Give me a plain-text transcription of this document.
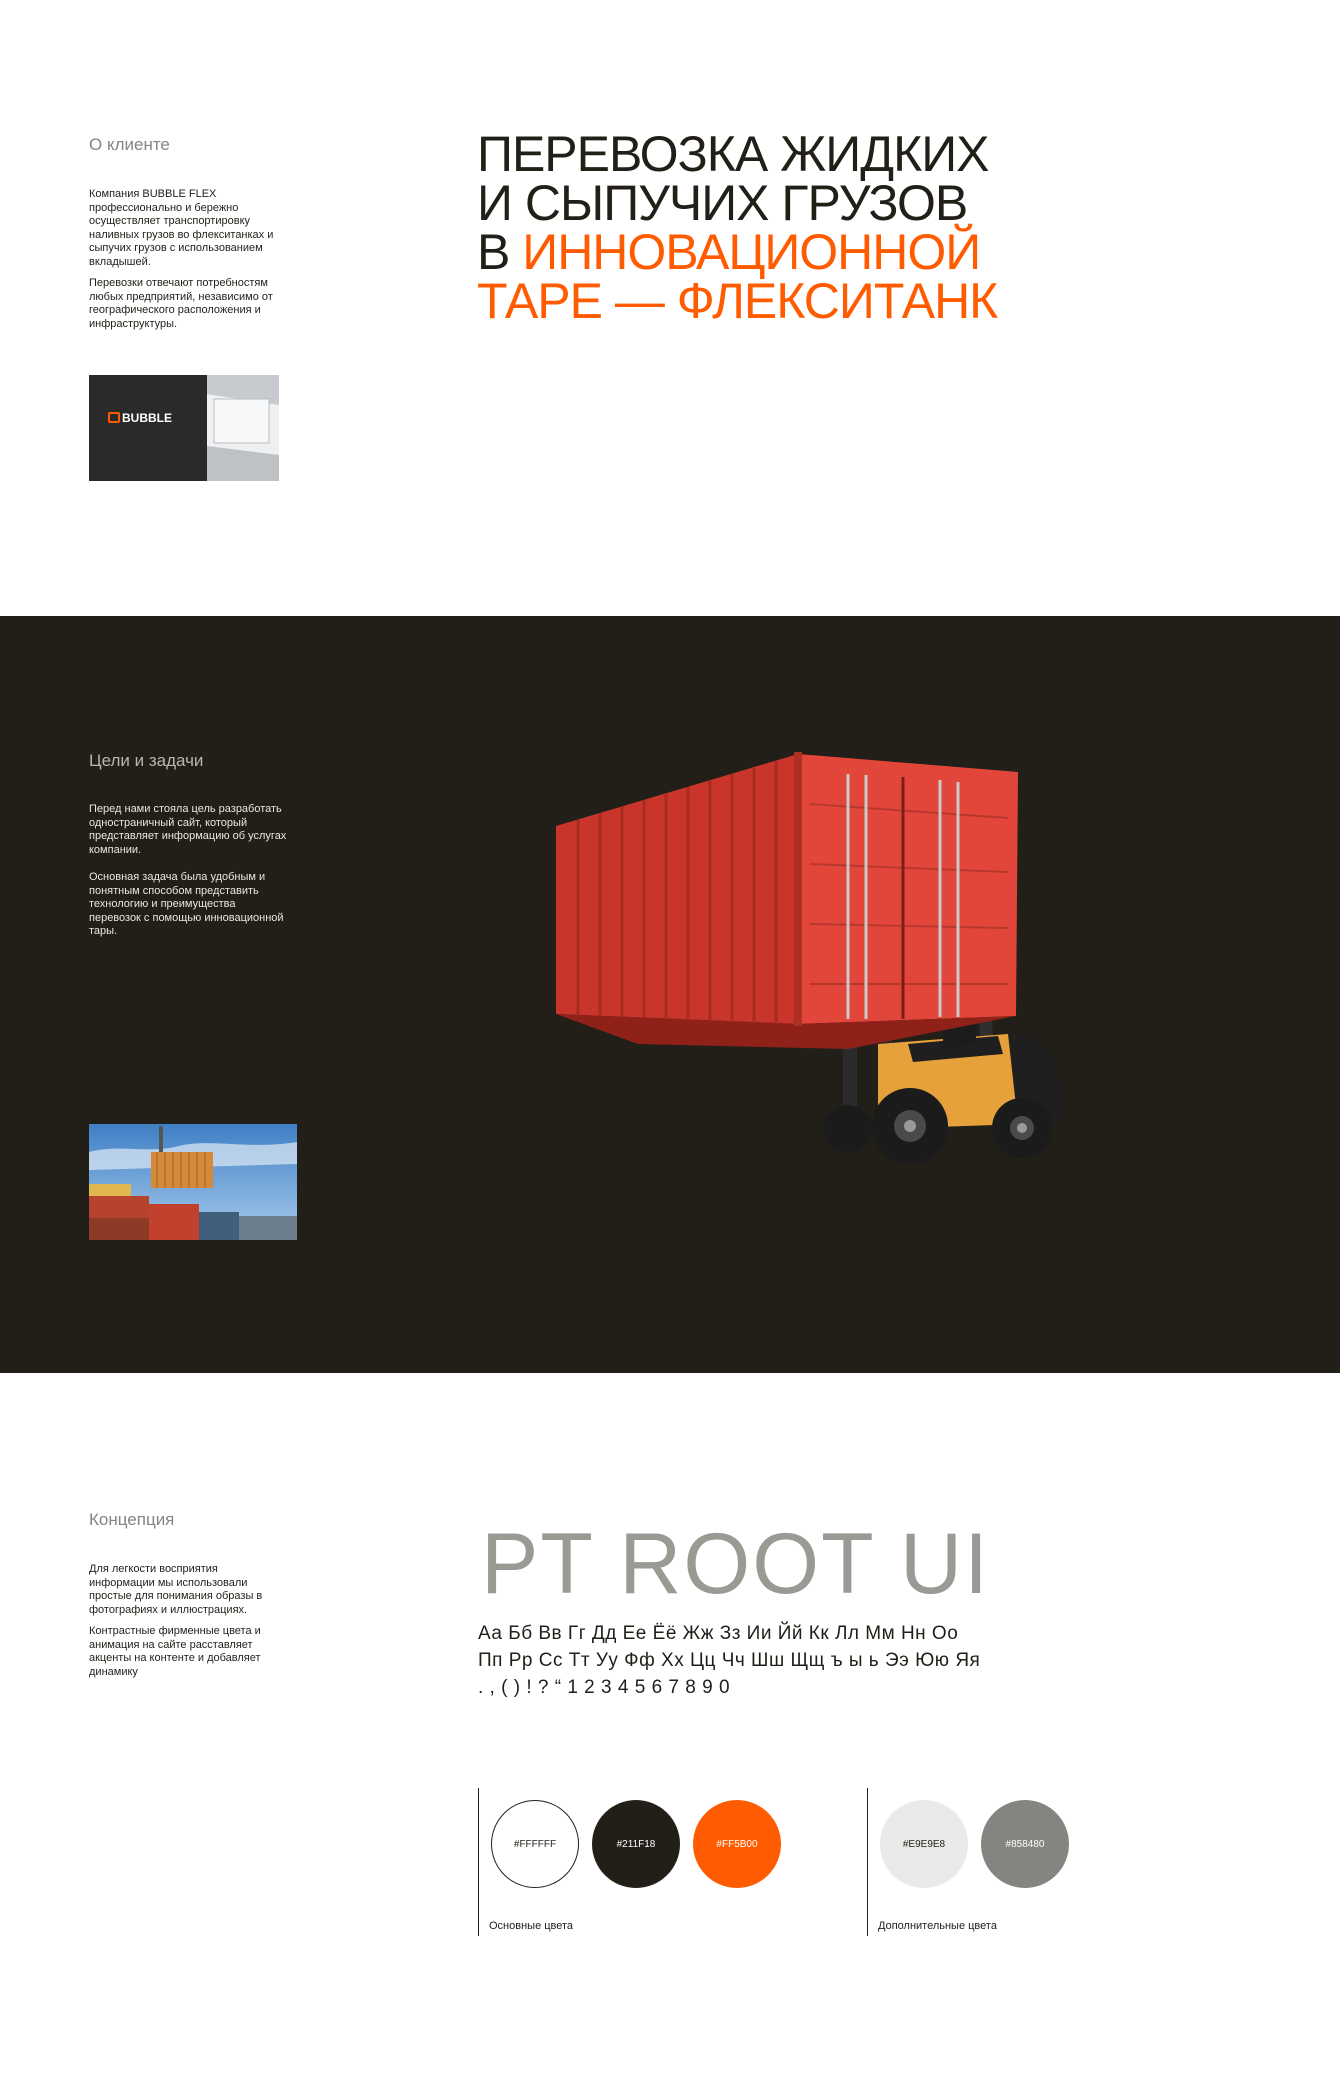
О клиенте

Компания BUBBLE FLEX профессионально и бережно осуществляет транспортировку наливных грузов во флекситанках и сыпучих грузов с использованием вкладышей.

Перевозки отвечают потребностям любых предприятий, независимо от географического расположения и инфраструктуры.

BUBBLE
ПЕРЕВОЗКА ЖИДКИХ
И СЫПУЧИХ ГРУЗОВ
В ИННОВАЦИОННОЙ
ТАРЕ — ФЛЕКСИТАНК
Цели и задачи

Перед нами стояла цель разработать одностраничный сайт, который представляет информацию об услугах компании.

Основная задача была удобным и понятным способом представить технологию и преимущества перевозок с помощью инновационной тары.

Концепция

Для легкости восприятия информации мы использовали простые для понимания образы в фотографиях и иллюстрациях.

Контрастные фирменные цвета и анимация на сайте расставляет акценты на контенте и добавляет динамику

PT ROOT UI
Аа Бб Вв Гг Дд Ее Ёё Жж Зз Ии Йй Кк Лл Мм Нн Оо
Пп Рр Сс Тт Уу Фф Хх Цц Чч Шш Щщ ъ ы ь Ээ Юю Яя
. , ( ) ! ? “ 1 2 3 4 5 6 7 8 9 0
#FFFFFF	#211F18	#FF5B00
Основные цвета
#E9E9E8	#858480
Дополнительные цвета
